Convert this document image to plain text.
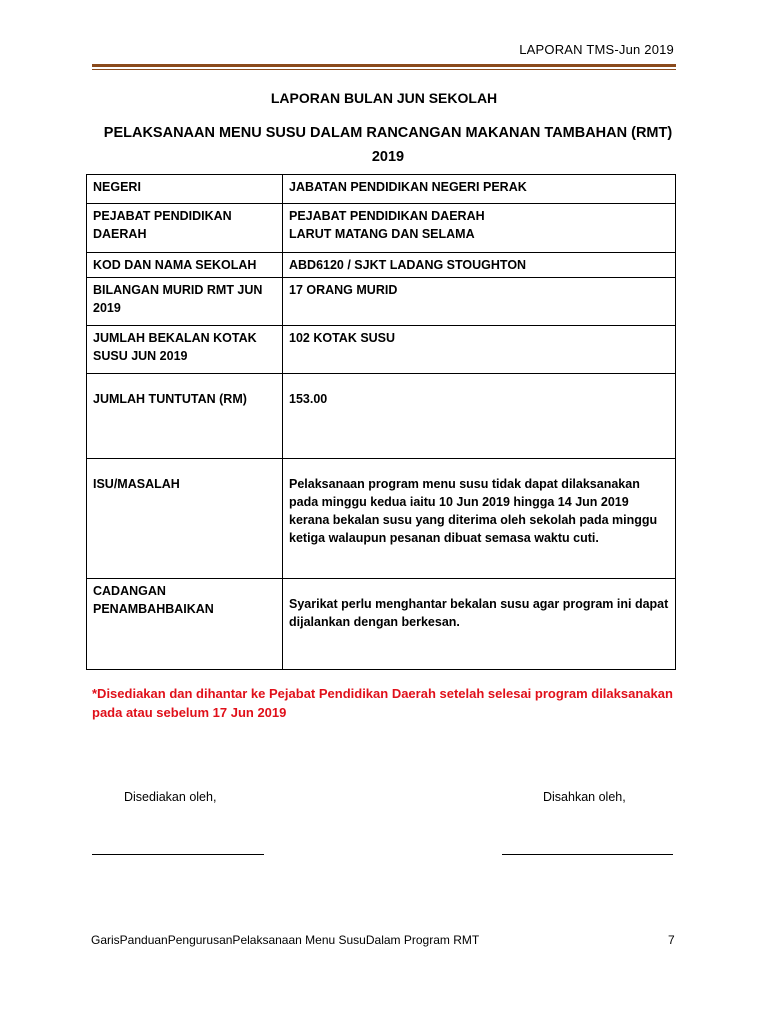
LAPORAN TMS-Jun 2019
LAPORAN BULAN JUN SEKOLAH
PELAKSANAAN MENU SUSU DALAM RANCANGAN MAKANAN TAMBAHAN (RMT) 2019
NEGERI	JABATAN PENDIDIKAN NEGERI PERAK
PEJABAT PENDIDIKAN DAERAH	PEJABAT PENDIDIKAN DAERAH
LARUT MATANG DAN SELAMA

KOD DAN NAMA SEKOLAH	ABD6120 / SJKT LADANG STOUGHTON
BILANGAN MURID RMT JUN 2019	17 ORANG MURID
JUMLAH BEKALAN KOTAK SUSU JUN 2019	102 KOTAK SUSU
JUMLAH TUNTUTAN (RM)	153.00
ISU/MASALAH	Pelaksanaan program menu susu tidak dapat dilaksanakan pada minggu kedua iaitu 10 Jun 2019 hingga 14 Jun 2019 kerana bekalan susu yang diterima oleh sekolah pada minggu ketiga walaupun pesanan dibuat semasa waktu cuti.
CADANGAN PENAMBAHBAIKAN	Syarikat perlu menghantar bekalan susu agar program ini dapat dijalankan dengan berkesan.
*Disediakan dan dihantar ke Pejabat Pendidikan Daerah setelah selesai program dilaksanakan pada atau sebelum 17 Jun 2019
Disediakan oleh,	Disahkan oleh,
GarisPanduanPengurusanPelaksanaan Menu SusuDalam Program RMT	7
